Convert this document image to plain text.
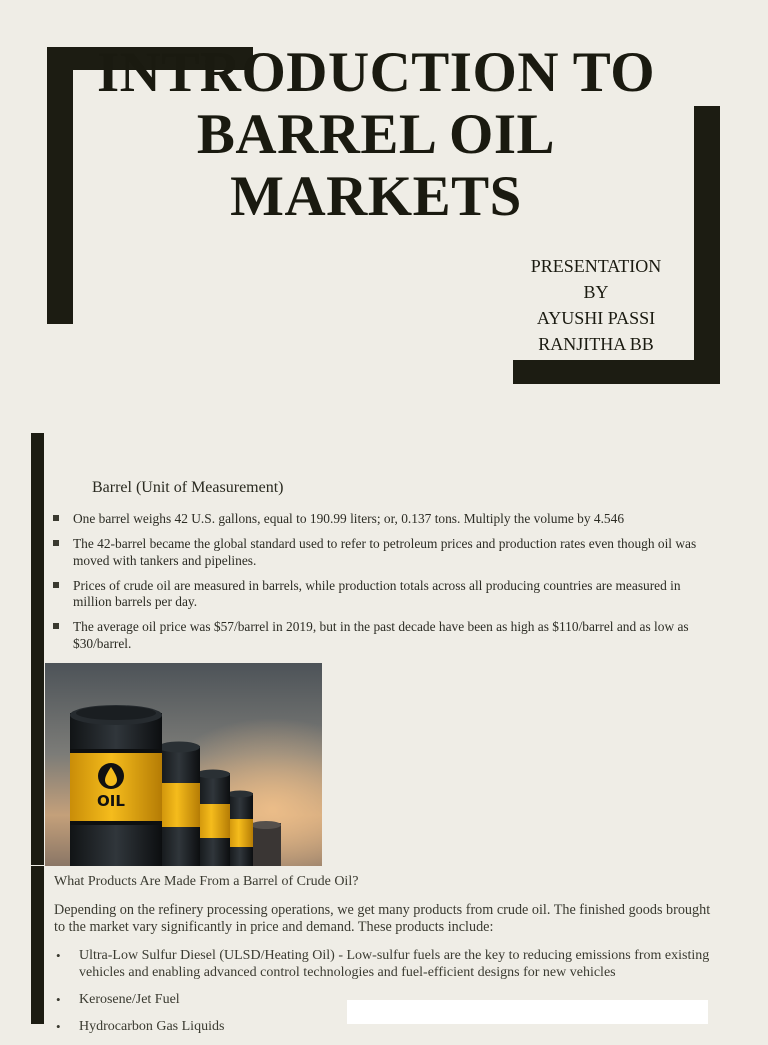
INTRODUCTION TO
BARREL OIL
MARKETS
PRESENTATION
BY
AYUSHI PASSI
RANJITHA BB
Barrel (Unit of Measurement)
One barrel weighs 42 U.S. gallons, equal to 190.99 liters; or, 0.137 tons. Multiply the volume by 4.546
The 42-barrel became the global standard used to refer to petroleum prices and production rates even though oil was moved with tankers and pipelines.
Prices of crude oil are measured in barrels, while production totals across all producing countries are measured in million barrels per day.
The average oil price was $57/barrel in 2019, but in the past decade have been as high as $110/barrel and as low as $30/barrel.
OIL
What Products Are Made From a Barrel of Crude Oil?

Depending on the refinery processing operations, we get many products from crude oil. The finished goods brought to the market vary significantly in price and demand. These products include:

• Ultra-Low Sulfur Diesel (ULSD/Heating Oil) - Low-sulfur fuels are the key to reducing emissions from existing vehicles and enabling advanced control technologies and fuel-efficient designs for new vehicles
• Kerosene/Jet Fuel
• Hydrocarbon Gas Liquids
